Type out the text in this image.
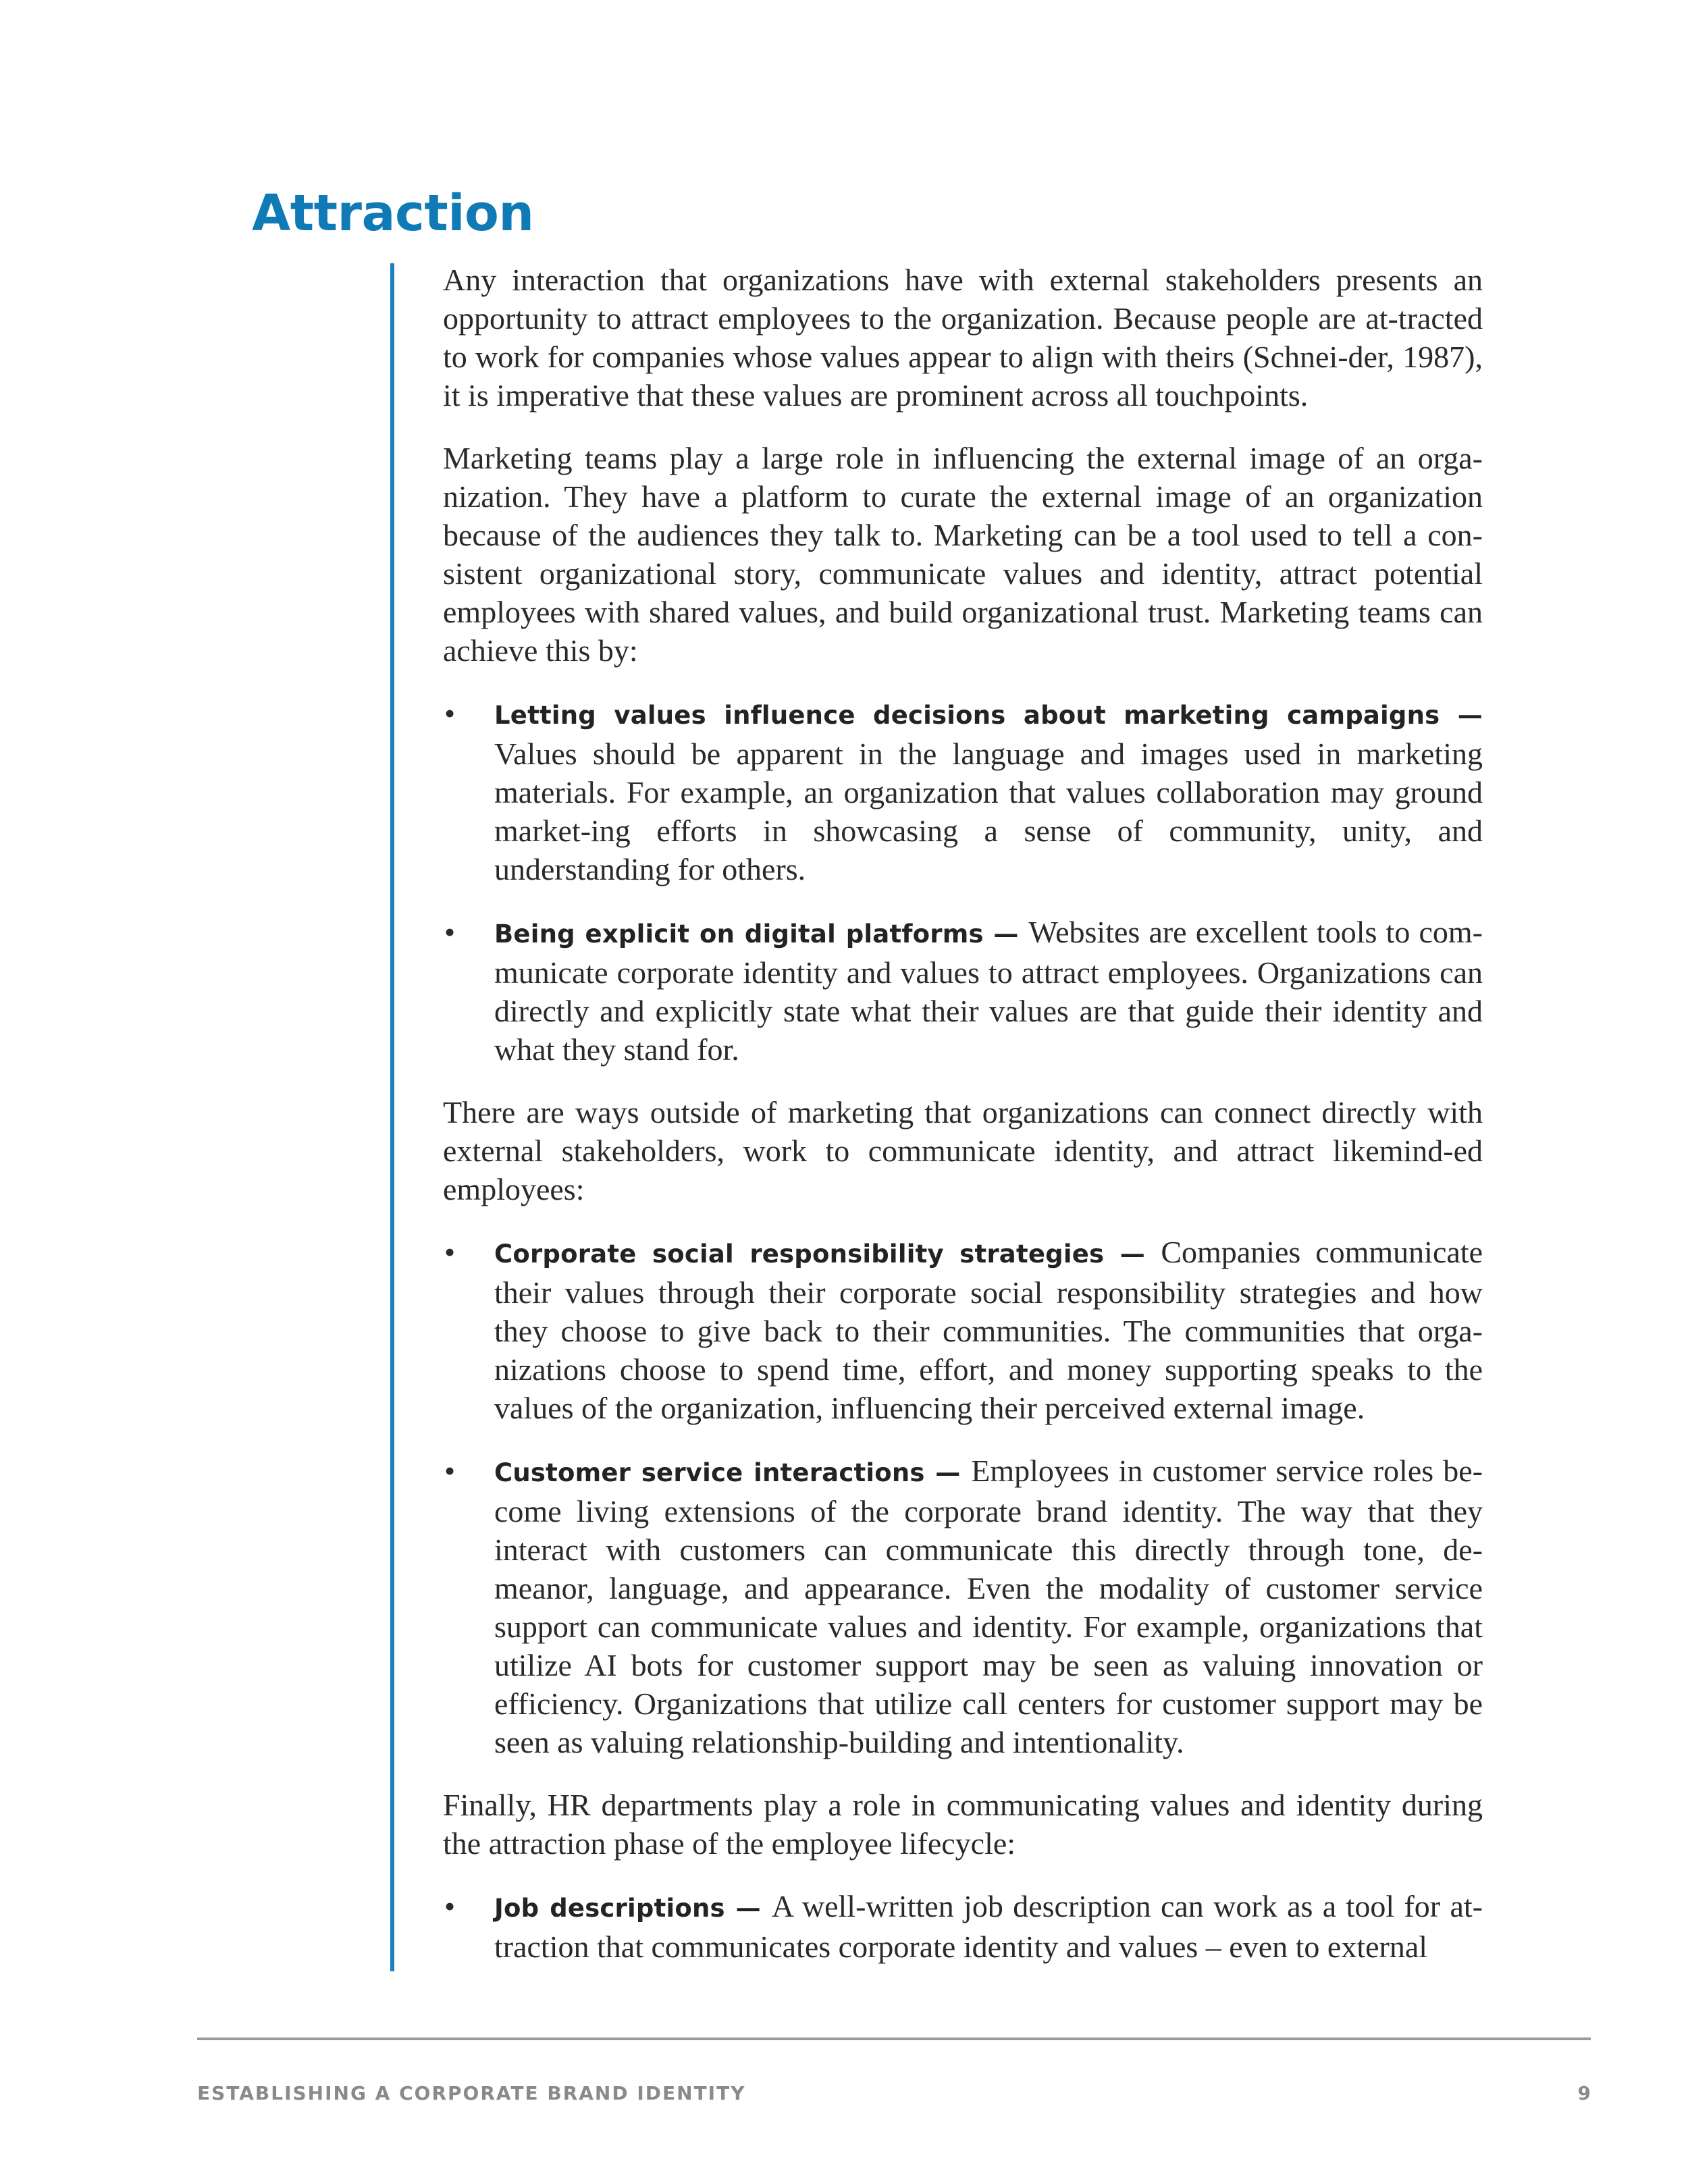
Attraction

Any interaction that organizations have with external stakeholders presents an opportunity to attract employees to the organization. Because people are at-tracted to work for companies whose values appear to align with theirs (Schnei-der, 1987), it is imperative that these values are prominent across all touchpoints.

Marketing teams play a large role in influencing the external image of an orga-nization. They have a platform to curate the external image of an organization because of the audiences they talk to. Marketing can be a tool used to tell a con-sistent organizational story, communicate values and identity, attract potential employees with shared values, and build organizational trust. Marketing teams can achieve this by:

• Letting values influence decisions about marketing campaigns — Values should be apparent in the language and images used in marketing materials. For example, an organization that values collaboration may ground market-ing efforts in showcasing a sense of community, unity, and understanding for others.
• Being explicit on digital platforms — Websites are excellent tools to com-municate corporate identity and values to attract employees. Organizations can directly and explicitly state what their values are that guide their identity and what they stand for.

There are ways outside of marketing that organizations can connect directly with external stakeholders, work to communicate identity, and attract likemind-ed employees:

• Corporate social responsibility strategies — Companies communicate their values through their corporate social responsibility strategies and how they choose to give back to their communities. The communities that orga-nizations choose to spend time, effort, and money supporting speaks to the values of the organization, influencing their perceived external image.
• Customer service interactions — Employees in customer service roles be-come living extensions of the corporate brand identity. The way that they interact with customers can communicate this directly through tone, de-meanor, language, and appearance. Even the modality of customer service support can communicate values and identity. For example, organizations that utilize AI bots for customer support may be seen as valuing innovation or efficiency. Organizations that utilize call centers for customer support may be seen as valuing relationship-building and intentionality.

Finally, HR departments play a role in communicating values and identity during the attraction phase of the employee lifecycle:

• Job descriptions — A well-written job description can work as a tool for at-traction that communicates corporate identity and values – even to external
ESTABLISHING A CORPORATE BRAND IDENTITY	9
